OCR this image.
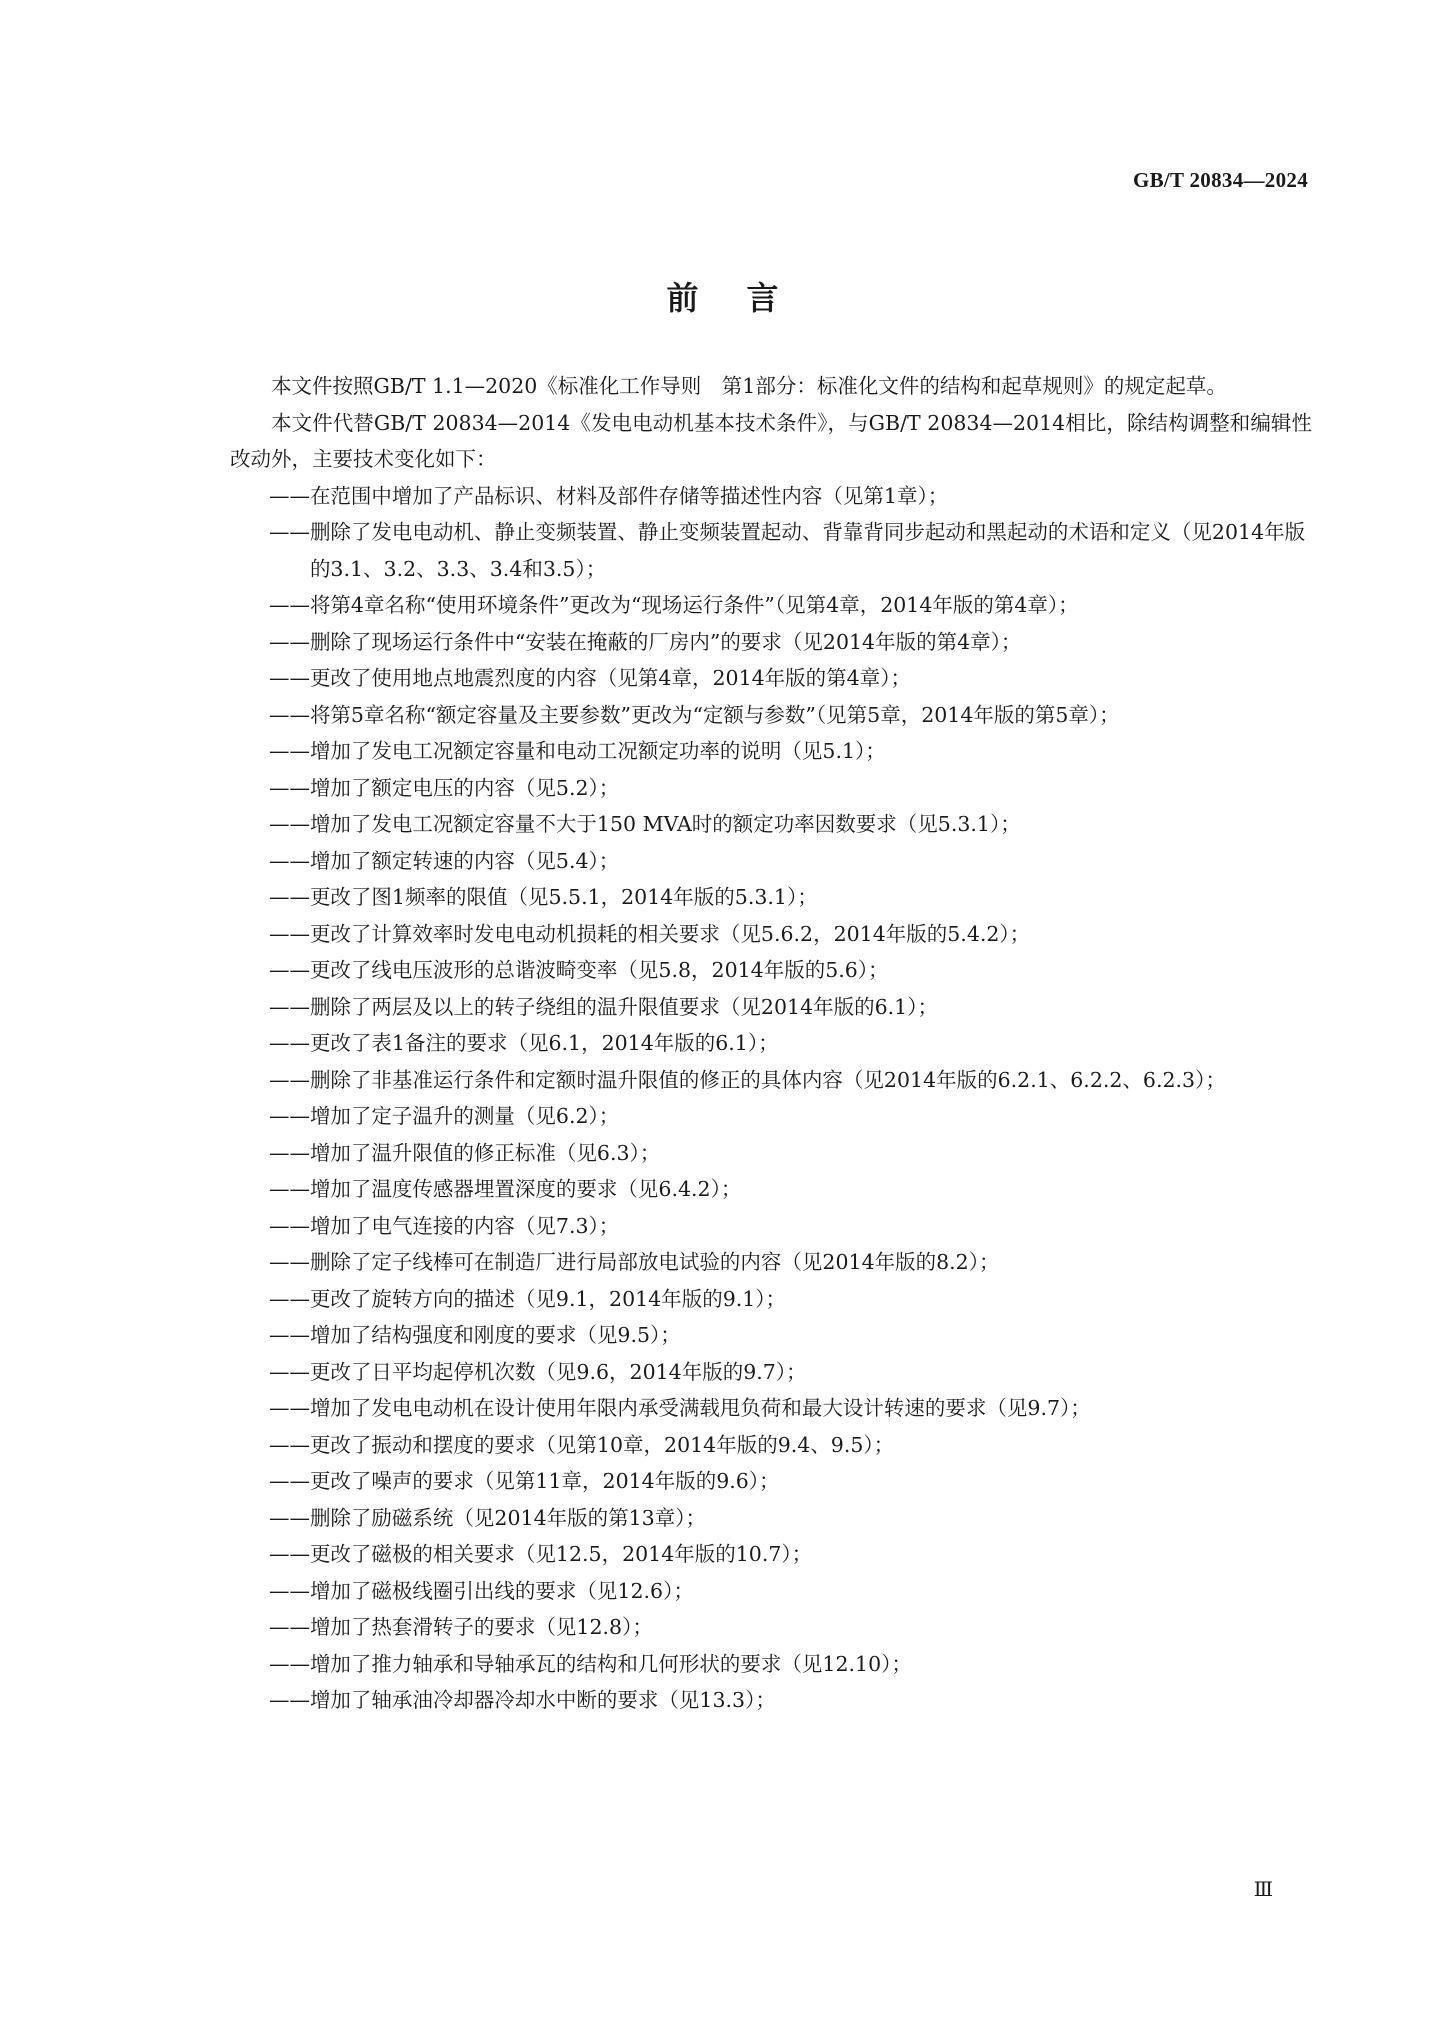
GB/T 20834—2024
前言

本文件按照GB/T 1.1—2020《标准化工作导则　第1部分：标准化文件的结构和起草规则》的规定起草。

本文件代替GB/T 20834—2014《发电电动机基本技术条件》，与GB/T 20834—2014相比，除结构调整和编辑性改动外，主要技术变化如下：

—— 在范围中增加了产品标识、材料及部件存储等描述性内容（见第1章）；
—— 删除了发电电动机、静止变频装置、静止变频装置起动、背靠背同步起动和黑起动的术语和定义（见2014年版的3.1、3.2、3.3、3.4和3.5）；
—— 将第4章名称“使用环境条件”更改为“现场运行条件”（见第4章，2014年版的第4章）；
—— 删除了现场运行条件中“安装在掩蔽的厂房内”的要求（见2014年版的第4章）；
—— 更改了使用地点地震烈度的内容（见第4章，2014年版的第4章）；
—— 将第5章名称“额定容量及主要参数”更改为“定额与参数”（见第5章，2014年版的第5章）；
—— 增加了发电工况额定容量和电动工况额定功率的说明（见5.1）；
—— 增加了额定电压的内容（见5.2）；
—— 增加了发电工况额定容量不大于150 MVA时的额定功率因数要求（见5.3.1）；
—— 增加了额定转速的内容（见5.4）；
—— 更改了图1频率的限值（见5.5.1，2014年版的5.3.1）；
—— 更改了计算效率时发电电动机损耗的相关要求（见5.6.2，2014年版的5.4.2）；
—— 更改了线电压波形的总谐波畸变率（见5.8，2014年版的5.6）；
—— 删除了两层及以上的转子绕组的温升限值要求（见2014年版的6.1）；
—— 更改了表1备注的要求（见6.1，2014年版的6.1）；
—— 删除了非基准运行条件和定额时温升限值的修正的具体内容（见2014年版的6.2.1、6.2.2、6.2.3）；
—— 增加了定子温升的测量（见6.2）；
—— 增加了温升限值的修正标准（见6.3）；
—— 增加了温度传感器埋置深度的要求（见6.4.2）；
—— 增加了电气连接的内容（见7.3）；
—— 删除了定子线棒可在制造厂进行局部放电试验的内容（见2014年版的8.2）；
—— 更改了旋转方向的描述（见9.1，2014年版的9.1）；
—— 增加了结构强度和刚度的要求（见9.5）；
—— 更改了日平均起停机次数（见9.6，2014年版的9.7）；
—— 增加了发电电动机在设计使用年限内承受满载甩负荷和最大设计转速的要求（见9.7）；
—— 更改了振动和摆度的要求（见第10章，2014年版的9.4、9.5）；
—— 更改了噪声的要求（见第11章，2014年版的9.6）；
—— 删除了励磁系统（见2014年版的第13章）；
—— 更改了磁极的相关要求（见12.5，2014年版的10.7）；
—— 增加了磁极线圈引出线的要求（见12.6）；
—— 增加了热套滑转子的要求（见12.8）；
—— 增加了推力轴承和导轴承瓦的结构和几何形状的要求（见12.10）；
—— 增加了轴承油冷却器冷却水中断的要求（见13.3）；
Ⅲ
